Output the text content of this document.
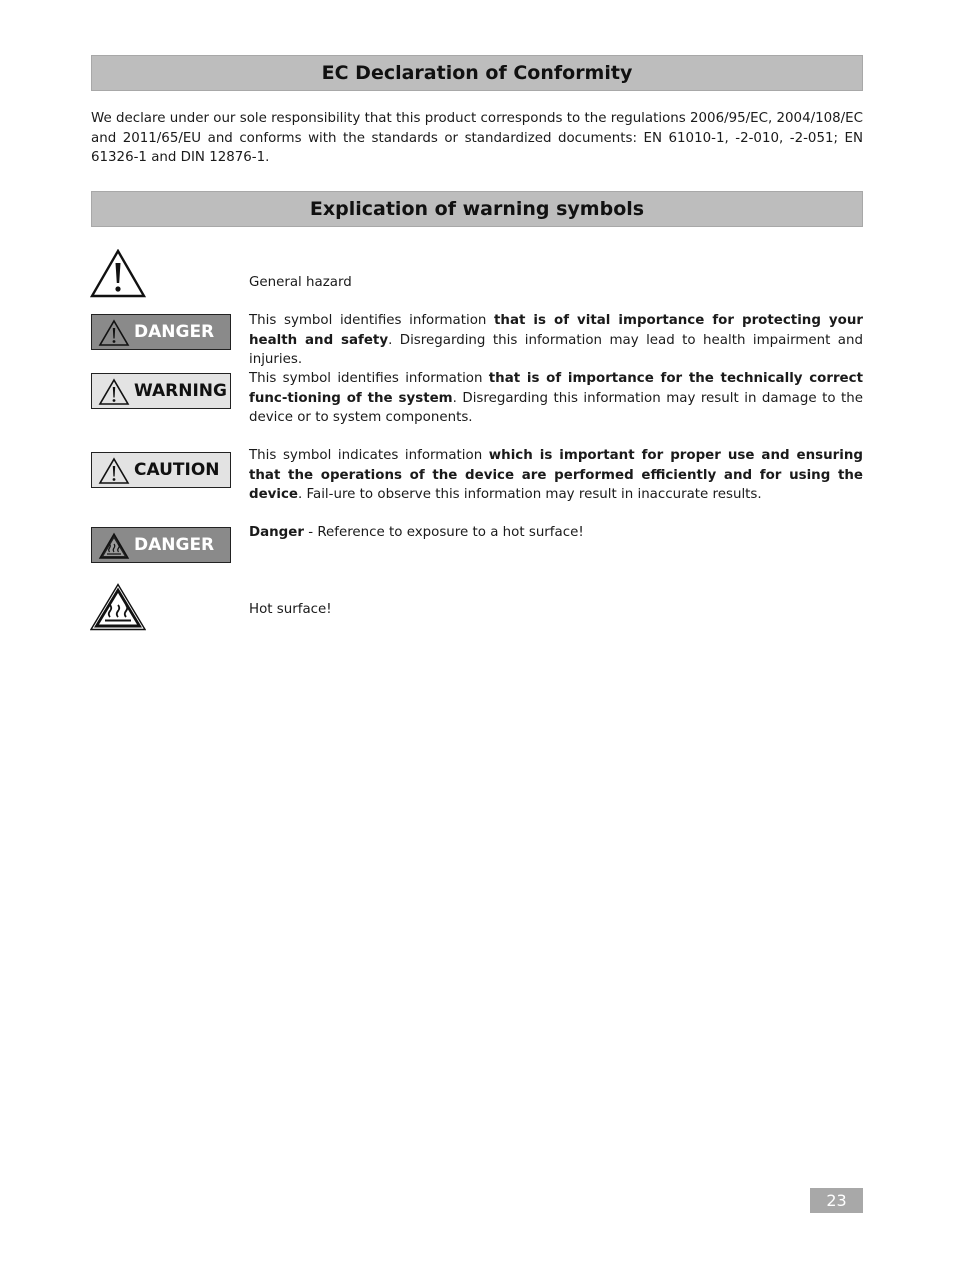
EC Declaration of Conformity

We declare under our sole responsibility that this product corresponds to the regulations 2006/95/EC, 2004/108/EC and 2011/65/EU and conforms with the standards or standardized documents: EN 61010-1, -2-010, -2-051; EN 61326-1 and DIN 12876-1.

Explication of warning symbols

General hazard

DANGER

This symbol identifies information that is of vital importance for protecting your health and safety. Disregarding this information may lead to health impairment and injuries.

WARNING

This symbol identifies information that is of importance for the technically correct func-tioning of the system. Disregarding this information may result in damage to the device or to system components.

CAUTION

This symbol indicates information which is important for proper use and ensuring that the operations of the device are performed efficiently and for using the device. Fail-ure to observe this information may result in inaccurate results.

DANGER

Danger - Reference to exposure to a hot surface!

Hot surface!

23
